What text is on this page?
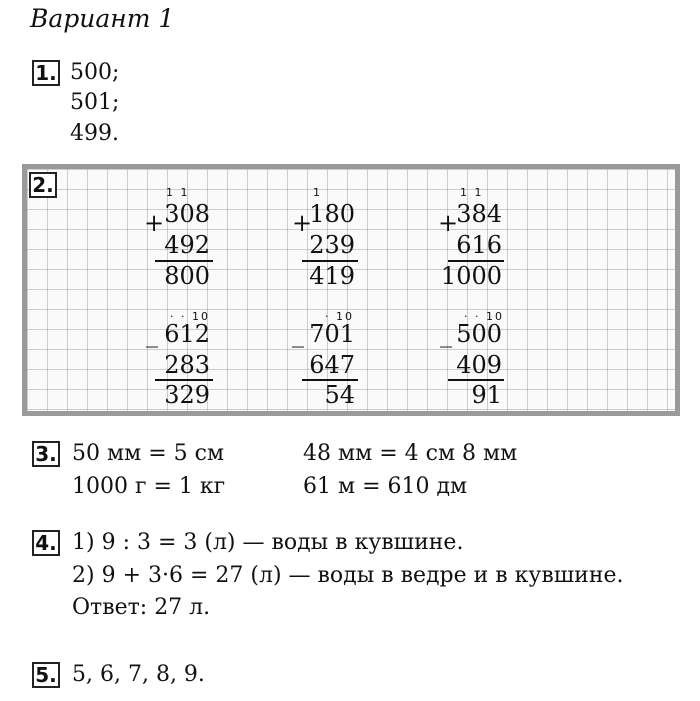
Вариант 1
1. 500;
501;
499.
2.	1 1
+ 308
492
800
1
+
180
239
419
1 1
+
384
616
1000
· · 10
_ 612
283
329
· 10
_ 701
647
54
· · 10
_ 500
409
91
3. 50 мм = 5 см
1000 г = 1 кг
48 мм = 4 см 8 мм
61 м = 610 дм
4. 1) 9 : 3 = 3 (л) — воды в кувшине.
2) 9 + 3·6 = 27 (л) — воды в ведре и в кувшине.
Ответ: 27 л.
5. 5, 6, 7, 8, 9.
